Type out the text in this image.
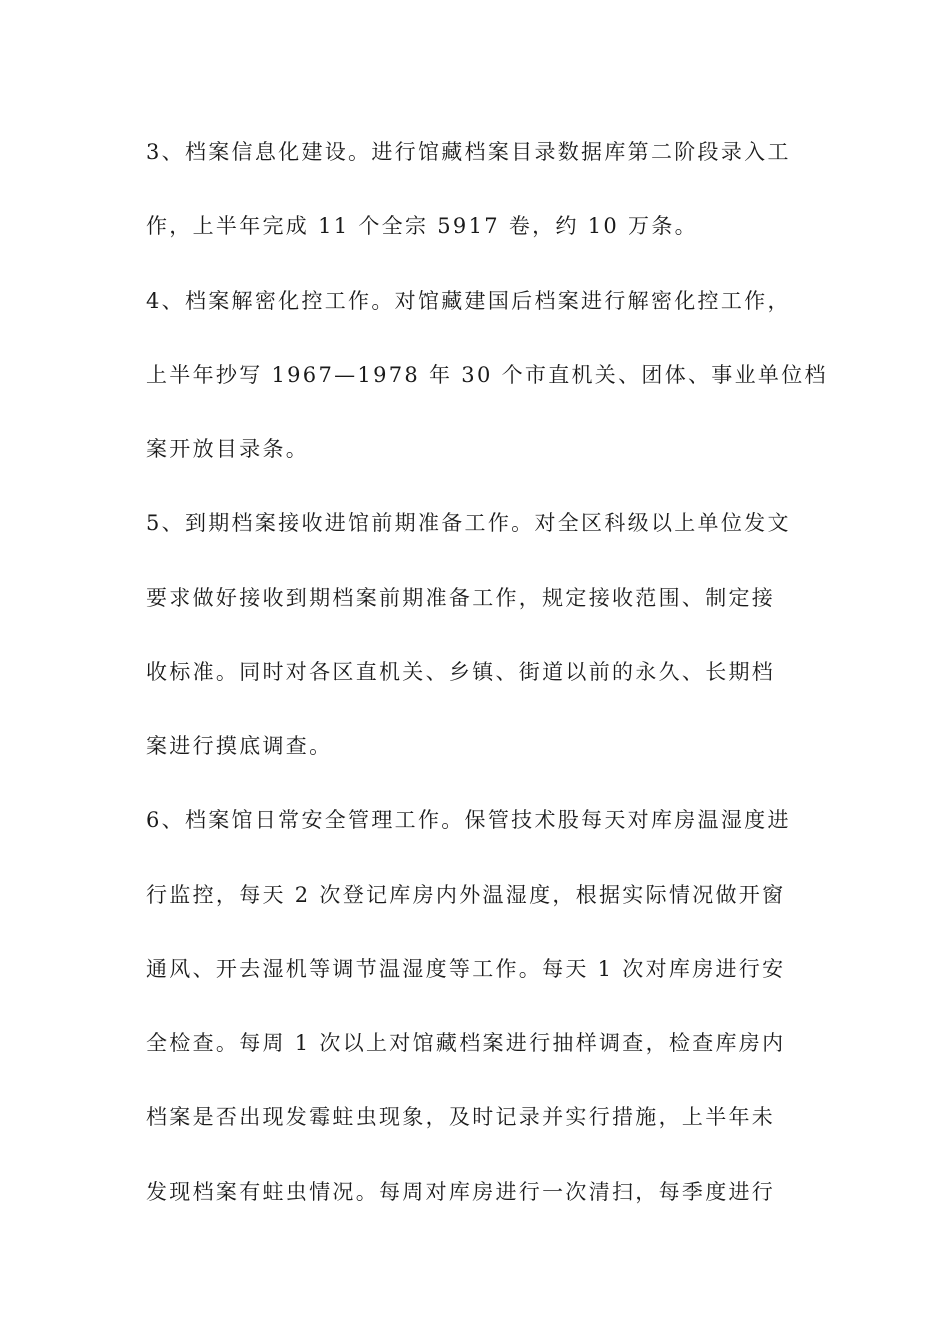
3、档案信息化建设。进行馆藏档案目录数据库第二阶段录入工
作，上半年完成 11 个全宗 5917 卷，约 10 万条。
4、档案解密化控工作。对馆藏建国后档案进行解密化控工作，
上半年抄写 1967—1978 年 30 个市直机关、团体、事业单位档
案开放目录条。
5、到期档案接收进馆前期准备工作。对全区科级以上单位发文
要求做好接收到期档案前期准备工作，规定接收范围、制定接
收标准。同时对各区直机关、乡镇、街道以前的永久、长期档
案进行摸底调查。
6、档案馆日常安全管理工作。保管技术股每天对库房温湿度进
行监控，每天 2 次登记库房内外温湿度，根据实际情况做开窗
通风、开去湿机等调节温湿度等工作。每天 1 次对库房进行安
全检查。每周 1 次以上对馆藏档案进行抽样调查，检查库房内
档案是否出现发霉蛀虫现象，及时记录并实行措施，上半年未
发现档案有蛀虫情况。每周对库房进行一次清扫，每季度进行
